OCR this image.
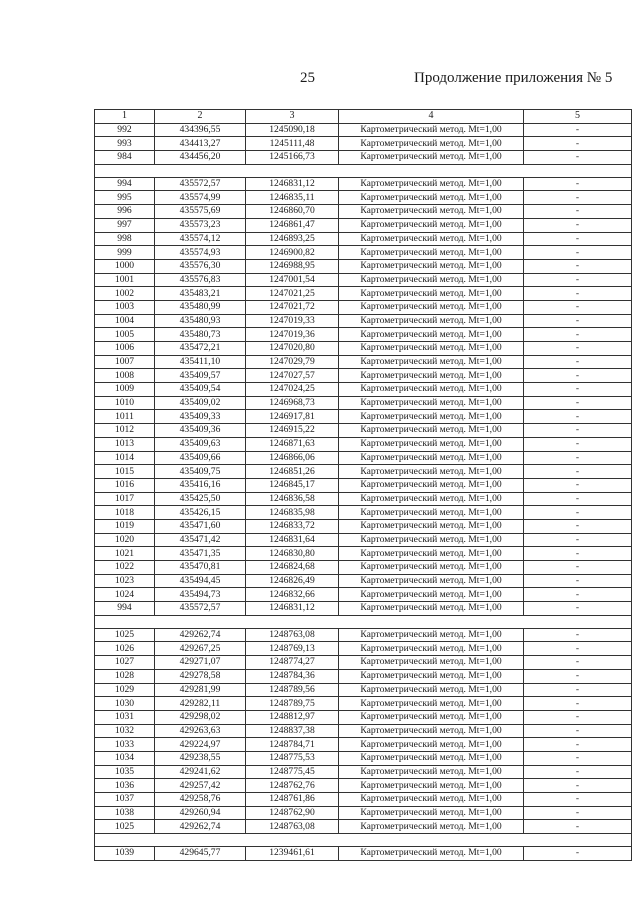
25	Продолжение приложения № 5
1	2	3	4	5
992	434396,55	1245090,18	Картометрический метод. Mt=1,00	-
993	434413,27	1245111,48	Картометрический метод. Mt=1,00	-
984	434456,20	1245166,73	Картометрический метод. Mt=1,00	-

994	435572,57	1246831,12	Картометрический метод. Mt=1,00	-
995	435574,99	1246835,11	Картометрический метод. Mt=1,00	-
996	435575,69	1246860,70	Картометрический метод. Mt=1,00	-
997	435573,23	1246861,47	Картометрический метод. Mt=1,00	-
998	435574,12	1246893,25	Картометрический метод. Mt=1,00	-
999	435574,93	1246900,82	Картометрический метод. Mt=1,00	-
1000	435576,30	1246988,95	Картометрический метод. Mt=1,00	-
1001	435576,83	1247001,54	Картометрический метод. Mt=1,00	-
1002	435483,21	1247021,25	Картометрический метод. Mt=1,00	-
1003	435480,99	1247021,72	Картометрический метод. Mt=1,00	-
1004	435480,93	1247019,33	Картометрический метод. Mt=1,00	-
1005	435480,73	1247019,36	Картометрический метод. Mt=1,00	-
1006	435472,21	1247020,80	Картометрический метод. Mt=1,00	-
1007	435411,10	1247029,79	Картометрический метод. Mt=1,00	-
1008	435409,57	1247027,57	Картометрический метод. Mt=1,00	-
1009	435409,54	1247024,25	Картометрический метод. Mt=1,00	-
1010	435409,02	1246968,73	Картометрический метод. Mt=1,00	-
1011	435409,33	1246917,81	Картометрический метод. Mt=1,00	-
1012	435409,36	1246915,22	Картометрический метод. Mt=1,00	-
1013	435409,63	1246871,63	Картометрический метод. Mt=1,00	-
1014	435409,66	1246866,06	Картометрический метод. Mt=1,00	-
1015	435409,75	1246851,26	Картометрический метод. Mt=1,00	-
1016	435416,16	1246845,17	Картометрический метод. Mt=1,00	-
1017	435425,50	1246836,58	Картометрический метод. Mt=1,00	-
1018	435426,15	1246835,98	Картометрический метод. Mt=1,00	-
1019	435471,60	1246833,72	Картометрический метод. Mt=1,00	-
1020	435471,42	1246831,64	Картометрический метод. Mt=1,00	-
1021	435471,35	1246830,80	Картометрический метод. Mt=1,00	-
1022	435470,81	1246824,68	Картометрический метод. Mt=1,00	-
1023	435494,45	1246826,49	Картометрический метод. Mt=1,00	-
1024	435494,73	1246832,66	Картометрический метод. Mt=1,00	-
994	435572,57	1246831,12	Картометрический метод. Mt=1,00	-

1025	429262,74	1248763,08	Картометрический метод. Mt=1,00	-
1026	429267,25	1248769,13	Картометрический метод. Mt=1,00	-
1027	429271,07	1248774,27	Картометрический метод. Mt=1,00	-
1028	429278,58	1248784,36	Картометрический метод. Mt=1,00	-
1029	429281,99	1248789,56	Картометрический метод. Mt=1,00	-
1030	429282,11	1248789,75	Картометрический метод. Mt=1,00	-
1031	429298,02	1248812,97	Картометрический метод. Mt=1,00	-
1032	429263,63	1248837,38	Картометрический метод. Mt=1,00	-
1033	429224,97	1248784,71	Картометрический метод. Mt=1,00	-
1034	429238,55	1248775,53	Картометрический метод. Mt=1,00	-
1035	429241,62	1248775,45	Картометрический метод. Mt=1,00	-
1036	429257,42	1248762,76	Картометрический метод. Mt=1,00	-
1037	429258,76	1248761,86	Картометрический метод. Mt=1,00	-
1038	429260,94	1248762,90	Картометрический метод. Mt=1,00	-
1025	429262,74	1248763,08	Картометрический метод. Mt=1,00	-

1039	429645,77	1239461,61	Картометрический метод. Mt=1,00	-
